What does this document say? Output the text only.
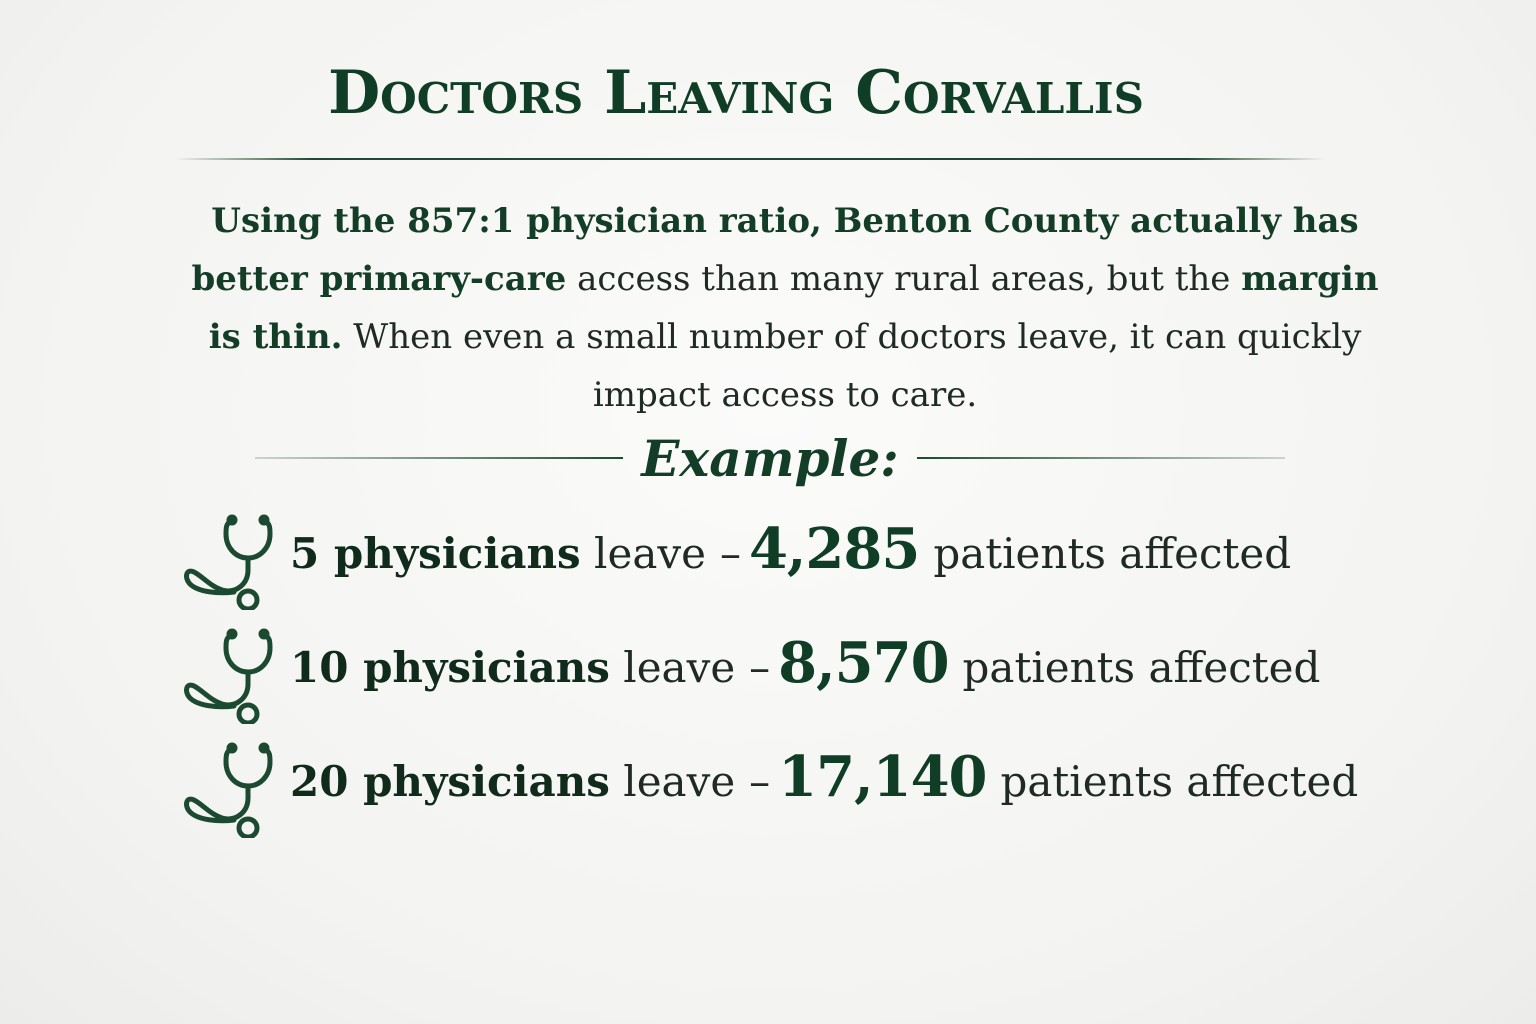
Doctors Leaving Corvallis
Using the 857:1 physician ratio, Benton County actually has better primary-care access than many rural areas, but the margin is thin. When even a small number of doctors leave, it can quickly impact access to care.
Example:
5 physicians leave – 4,285 patients affected
10 physicians leave – 8,570 patients affected
20 physicians leave – 17,140 patients affected
